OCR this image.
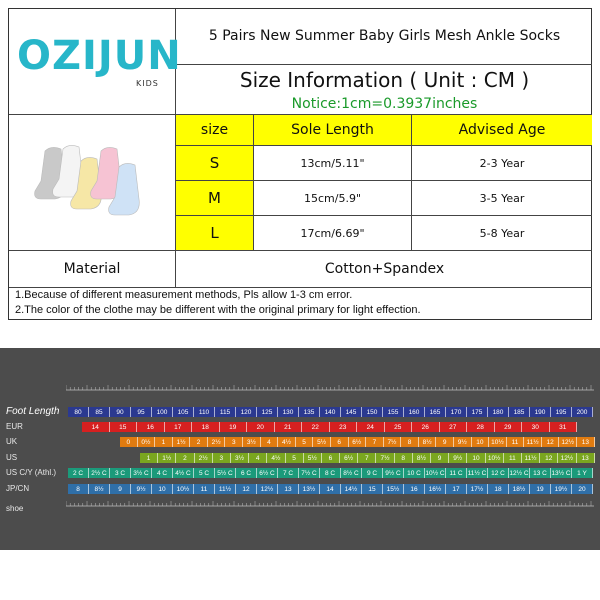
OZIJUN
KIDS
5 Pairs New Summer Baby Girls Mesh Ankle Socks
Size Information ( Unit : CM )
Notice:1cm=0.3937inches
size	Sole Length	Advised Age
S	13cm/5.11"	2-3 Year
M	15cm/5.9"	3-5 Year
L	17cm/6.69"	5-8 Year
Material	Cotton+Spandex
1.Because of different measurement methods, Pls allow 1-3 cm error.
2.The color of the clothe may be different with the original primary for light effection.
Foot Length	80	85	90	95	100	105	110	115	120	125	130	135	140	145	150	155	160	165	170	175	180	185	190	195	200
EUR	14	15	16	17	18	19	20	21	22	23	24	25	26	27	28	29	30	31
UK	0	0½	1	1½	2	2½	3	3½	4	4½	5	5½	6	6½	7	7½	8	8½	9	9½	10	10½	11	11½	12	12½	13
US	1	1½	2	2½	3	3½	4	4½	5	5½	6	6½	7	7½	8	8½	9	9½	10	10½	11	11½	12	12½	13
US C/Y (Athl.)	2 C	2½ C	3 C	3½ C	4 C	4½ C	5 C	5½ C	6 C	6½ C	7 C	7½ C	8 C	8½ C	9 C	9½ C 10 C 10½ C 11 C 11½ C 12 C 12½ C 13 C 13½ C	1 Y
JP/CN	8	8½	9	9½	10	10½	11	11½	12	12½	13	13½	14	14½	15	15½	16	16½	17	17½	18	18½	19	19½	20
shoe
